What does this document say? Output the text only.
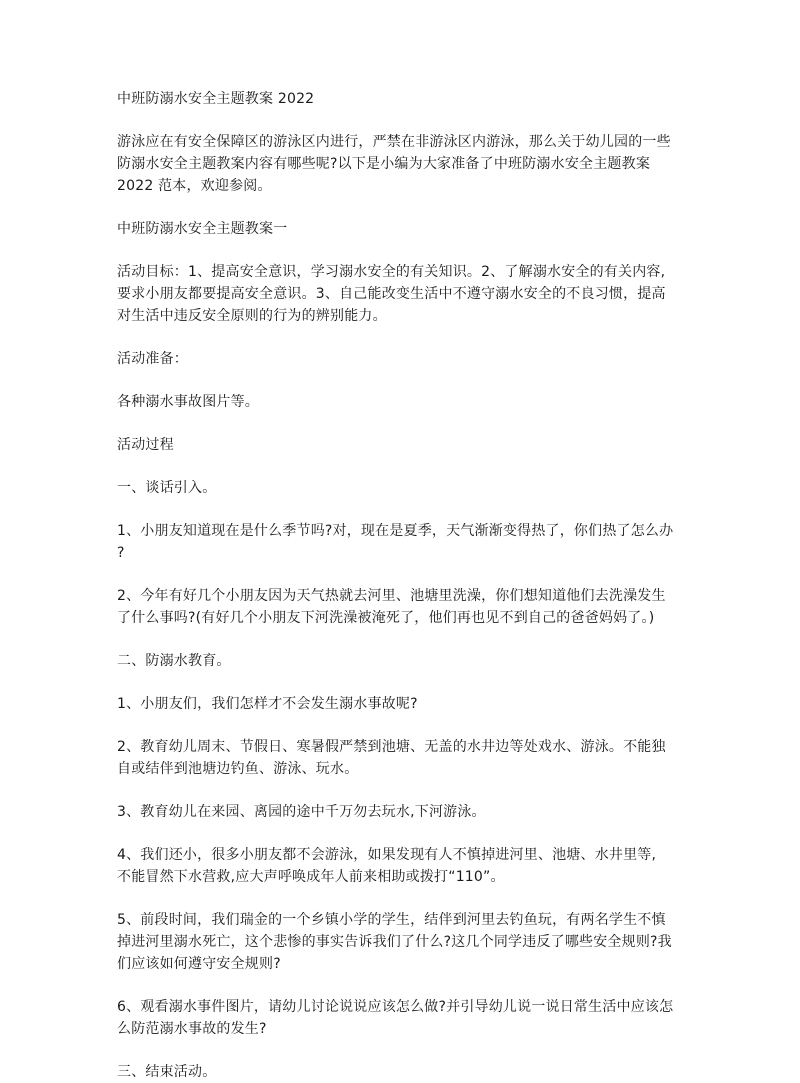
中班防溺水安全主题教案 2022

游泳应在有安全保障区的游泳区内进行，严禁在非游泳区内游泳，那么关于幼儿园的一些
防溺水安全主题教案内容有哪些呢?以下是小编为大家准备了中班防溺水安全主题教案
2022 范本，欢迎参阅。

中班防溺水安全主题教案一

活动目标：1、提高安全意识，学习溺水安全的有关知识。2、了解溺水安全的有关内容,
要求小朋友都要提高安全意识。3、自己能改变生活中不遵守溺水安全的不良习惯，提高
对生活中违反安全原则的行为的辨别能力。

活动准备：

各种溺水事故图片等。

活动过程

一、谈话引入。

1、小朋友知道现在是什么季节吗?对，现在是夏季，天气渐渐变得热了，你们热了怎么办
?

2、今年有好几个小朋友因为天气热就去河里、池塘里洗澡，你们想知道他们去洗澡发生
了什么事吗?(有好几个小朋友下河洗澡被淹死了，他们再也见不到自己的爸爸妈妈了。)

二、防溺水教育。

1、小朋友们，我们怎样才不会发生溺水事故呢?

2、教育幼儿周末、节假日、寒暑假严禁到池塘、无盖的水井边等处戏水、游泳。不能独
自或结伴到池塘边钓鱼、游泳、玩水。

3、教育幼儿在来园、离园的途中千万勿去玩水,下河游泳。

4、我们还小，很多小朋友都不会游泳，如果发现有人不慎掉进河里、池塘、水井里等,
不能冒然下水营救,应大声呼唤成年人前来相助或拨打“110”。

5、前段时间，我们瑞金的一个乡镇小学的学生，结伴到河里去钓鱼玩，有两名学生不慎
掉进河里溺水死亡，这个悲惨的事实告诉我们了什么?这几个同学违反了哪些安全规则?我
们应该如何遵守安全规则?

6、观看溺水事件图片，请幼儿讨论说说应该怎么做?并引导幼儿说一说日常生活中应该怎
么防范溺水事故的发生?

三、结束活动。
